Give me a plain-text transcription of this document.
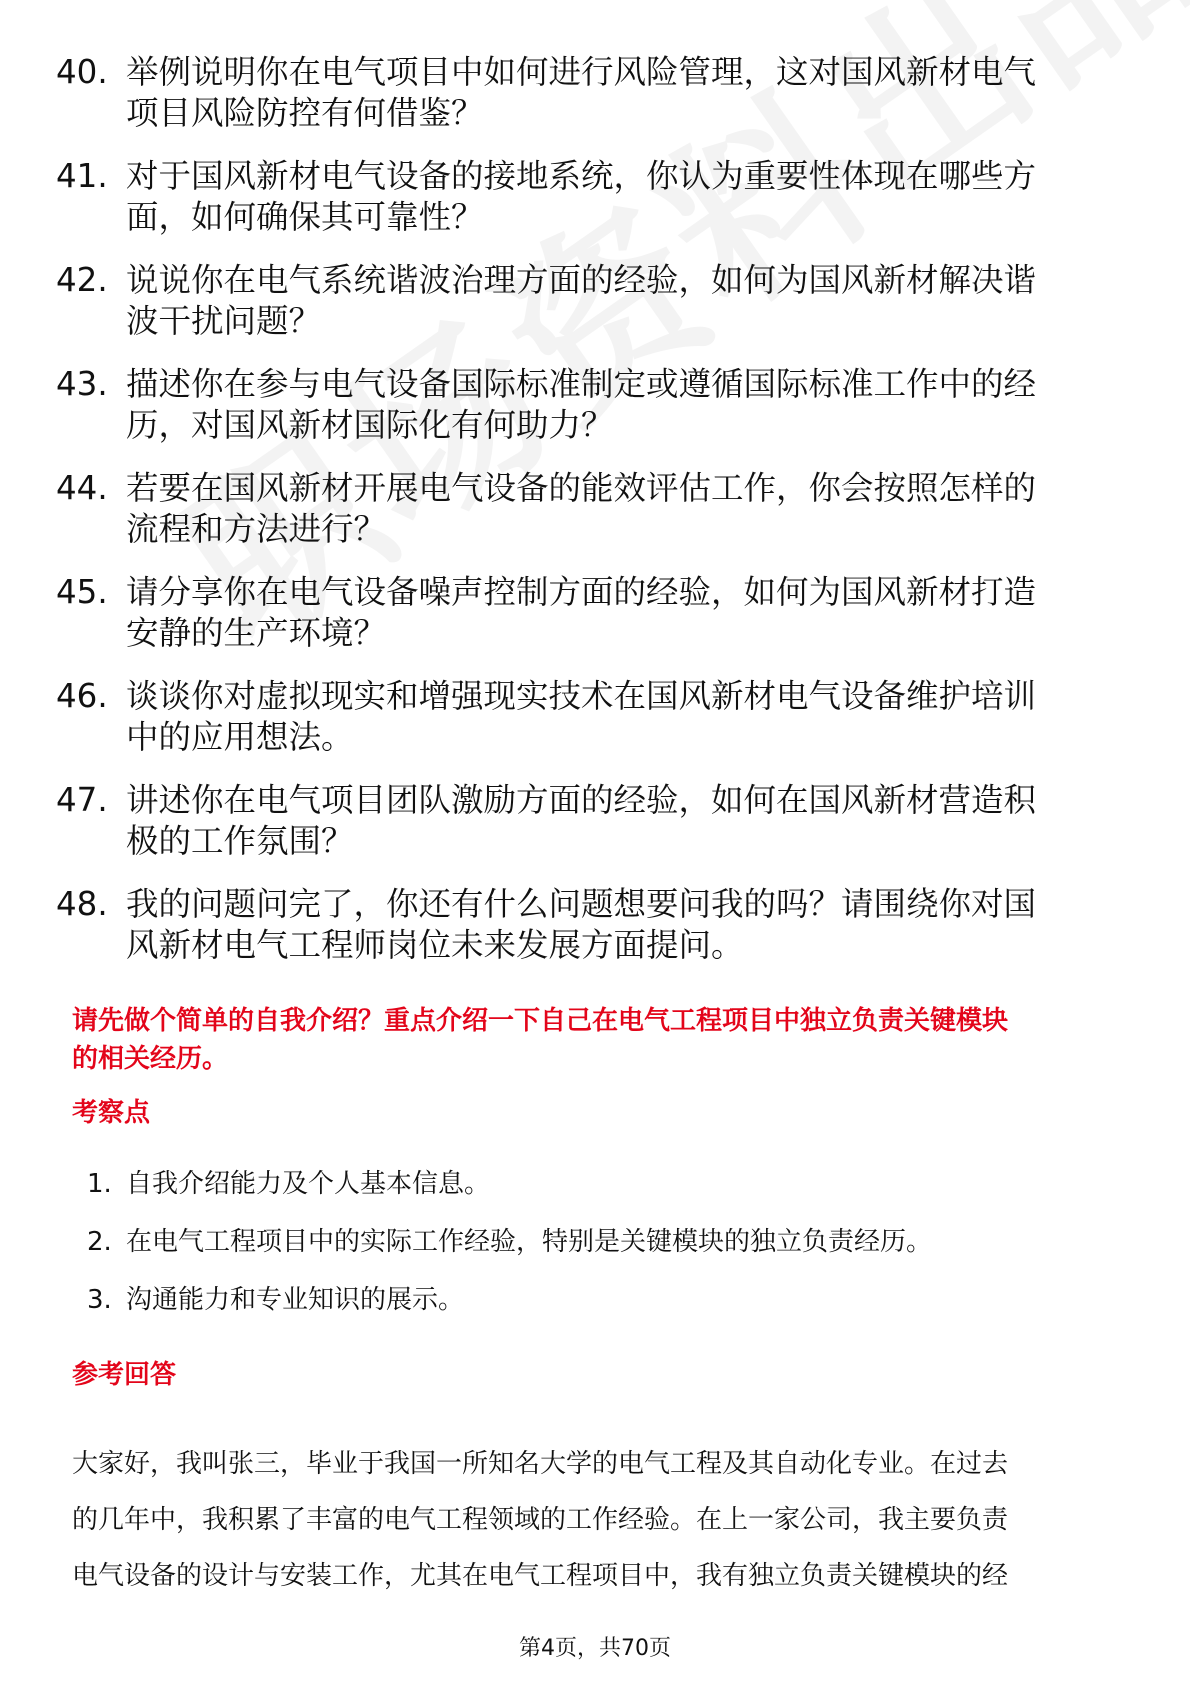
40. 举例说明你在电气项目中如何进行风险管理，这对国风新材电气
项目风险防控有何借鉴？
41. 对于国风新材电气设备的接地系统，你认为重要性体现在哪些方
面，如何确保其可靠性？
42. 说说你在电气系统谐波治理方面的经验，如何为国风新材解决谐
波干扰问题？
43. 描述你在参与电气设备国际标准制定或遵循国际标准工作中的经
历，对国风新材国际化有何助力？
44. 若要在国风新材开展电气设备的能效评估工作，你会按照怎样的
流程和方法进行？
45. 请分享你在电气设备噪声控制方面的经验，如何为国风新材打造
安静的生产环境？
46. 谈谈你对虚拟现实和增强现实技术在国风新材电气设备维护培训
中的应用想法。
47. 讲述你在电气项目团队激励方面的经验，如何在国风新材营造积
极的工作氛围？
48. 我的问题问完了，你还有什么问题想要问我的吗？请围绕你对国
风新材电气工程师岗位未来发展方面提问。
请先做个简单的自我介绍？重点介绍一下自己在电气工程项目中独立负责关键模块
的相关经历。
考察点
1. 自我介绍能力及个人基本信息。
2. 在电气工程项目中的实际工作经验，特别是关键模块的独立负责经历。
3. 沟通能力和专业知识的展示。
参考回答
大家好，我叫张三，毕业于我国一所知名大学的电气工程及其自动化专业。在过去
的几年中，我积累了丰富的电气工程领域的工作经验。在上一家公司，我主要负责
电气设备的设计与安装工作，尤其在电气工程项目中，我有独立负责关键模块的经
第4页，共70页
